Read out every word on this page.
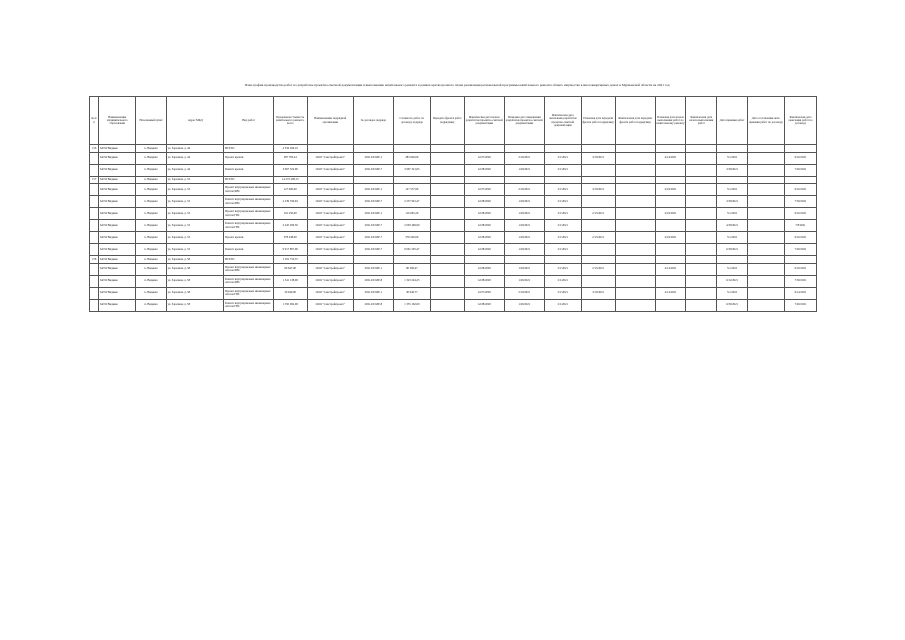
План-график производства работ по разработке проектно-сметной документации и выполнению капитального ремонта в рамках краткосрочного плана реализации региональной программы капитального ремонта общего имущества в многоквартирных домах в Мурманской области на 2021 год
№ п/п	Наименование муниципального образования	Населенный пункт	Адрес МКД	Вид работ	Предельная стоимость капитального ремонта, всего	Наименование подрядной организации	№ договора подряда	Стоимость работ по договору подряда	Передача фронта работ подрядчику	Фактическая дата начала разработки проектно-сметной документации	Плановая дата завершения разработки проектно-сметной документации	Фактическая дата окончания разработки проектно-сметной документации	Плановая дата передачи фронта работ подрядчику	Фактическая дата передачи фронта работ подрядчику	Плановая дата начала выполнения работ по капитальному ремонту	Фактическая дата начала выполнения работ	Дата приемки работ	Дата составления акта-приемки работ по договору	Фактическая дата окончания работ по договору
156	ЗАТО Видяево	п. Видяево	ул. Заречная, д. 44	ВСЕГО	4 356 299,10														
	ЗАТО Видяево	п. Видяево	ул. Заречная, д. 44	Проект кровли	287 783,24	ООО "Севстройпроект"	2021-ПСМР-1	285 640,00		12/27/2020	2/19/2021	2/1/2021	3/10/2021		4/14/2021		5/1/2021		6/10/2021
	ЗАТО Видяево	п. Видяево	ул. Заречная, д. 44	Ремонт кровли	3 967 322,00	ООО "Севстройпроект"	2021-ПСМР-7	3 967 321,65		12/28/2020	1/29/2021	2/1/2021					3/30/2021		7/20/2021
157	ЗАТО Видяево	п. Видяево	ул. Заречная, д. 52	ВСЕГО	14 272 208,15														
	ЗАТО Видяево	п. Видяево	ул. Заречная, д. 52	Проект внутридомовых инженерных систем ХВС	127 000,00	ООО "Севстройпроект"	2021-ПСМР-1	127 557,60		12/27/2020	2/19/2021	2/1/2021	3/10/2021		4/19/2021		5/1/2021		6/10/2021
	ЗАТО Видяево	п. Видяево	ул. Заречная, д. 52	Ремонт внутридомовых инженерных систем ХВС	2 239 530,92	ООО "Севстройпроект"	2021-ПСМР-7	2 237 991,47		12/28/2020	1/29/2021	2/1/2021					3/30/2021		7/30/2021
	ЗАТО Видяево	п. Видяево	ул. Заречная, д. 52	Проект внутридомовых инженерных систем ГВС	116 250,00	ООО "Севстройпроект"	2021-ПСМР-1	116 665,20		12/28/2020	1/29/2021	2/1/2021	2/15/2021		4/19/2021		5/1/2021		6/10/2021
	ЗАТО Видяево	п. Видяево	ул. Заречная, д. 52	Ремонт внутридомовых инженерных систем ГВС	2 245 299,50	ООО "Севстройпроект"	2021-ПСМР-7	2 093 469,90		12/28/2020	1/29/2021	2/1/2021					4/30/2021		7/8/2021
	ЗАТО Видяево	п. Видяево	ул. Заречная, д. 52	Проект кровли	378 438,00	ООО "Севстройпроект"	2021-ПСМР-7	378 240,00		12/28/2020	1/29/2021	2/1/2021	2/15/2021		4/19/2021		5/1/2021		6/10/2021
	ЗАТО Видяево	п. Видяево	ул. Заречная, д. 52	Ремонт кровли	9 917 897,00	ООО "Севстройпроект"	2021-ПСМР-7	9 061 595,47		12/28/2020	1/29/2021	2/1/2021					6/30/2021		7/20/2021
158	ЗАТО Видяево	п. Видяево	ул. Заречная, д. 58	ВСЕГО	1 591 735,37														
	ЗАТО Видяево	п. Видяево	ул. Заречная, д. 58	Проект внутридомовых инженерных систем ХВС	90 647,00	ООО "Севстройпроект"	2021-ПСМР-1	90 390,47		12/28/2020	1/29/2021	2/1/2021	2/15/2021		4/14/2021		5/1/2021		6/10/2021
	ЗАТО Видяево	п. Видяево	ул. Заречная, д. 58	Ремонт внутридомовых инженерных систем ХВС	1 341 138,00	ООО "Севстройпроект"	2021-ПСМР-8	1 323 224,25		12/28/2020	1/29/2021	2/1/2021					6/12/2021		7/30/2021
	ЗАТО Видяево	п. Видяево	ул. Заречная, д. 58	Проект внутридомовых инженерных систем ГВС	30 640,00	ООО "Севстройпроект"	2021-ПСМР-1	30 640,77		12/27/2020	2/19/2021	2/1/2021	3/10/2021		4/14/2021		5/1/2021		6/14/2021
	ЗАТО Видяево	п. Видяево	ул. Заречная, д. 58	Ремонт внутридомовых инженерных систем ГВС	1 350 092,00	ООО "Севстройпроект"	2021-ПСМР-8	1 335 162,00		12/28/2020	1/29/2021	2/1/2021					6/30/2021		7/20/2021
